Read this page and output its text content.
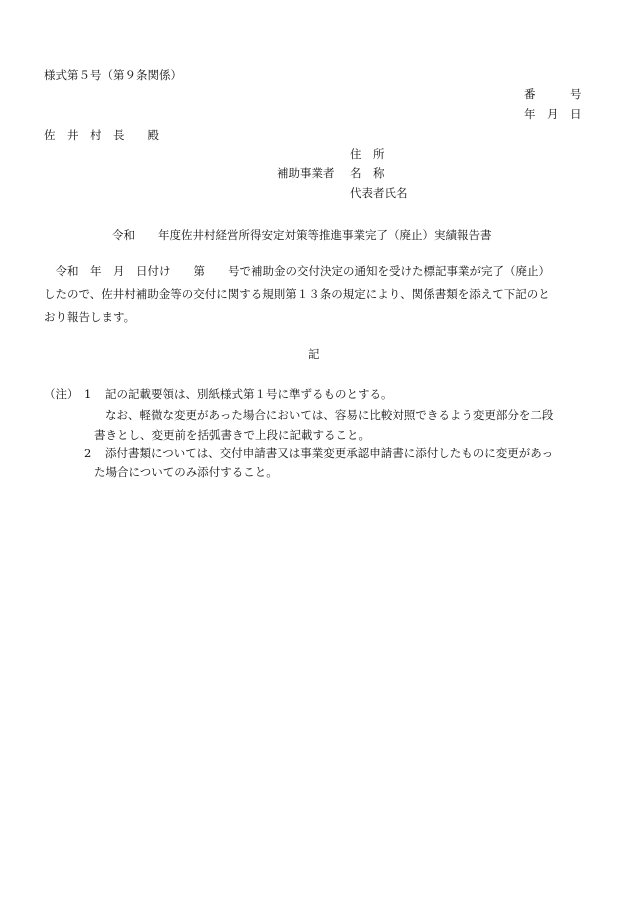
様式第５号（第９条関係）
番　　　号
年　月　日
佐　井　村　長　　殿
住　所
補助事業者 名　称
代表者氏名
令和　　年度佐井村経営所得安定対策等推進事業完了（廃止）実績報告書
　令和　年　月　日付け　　第　　号で補助金の交付決定の通知を受けた標記事業が完了（廃止）
したので、佐井村補助金等の交付に関する規則第１３条の規定により、関係書類を添えて下記のと
おり報告します。
記
（注） 1 記の記載要領は、別紙様式第１号に準ずるものとする。
なお、軽微な変更があった場合においては、容易に比較対照できるよう変更部分を二段
書きとし、変更前を括弧書きで上段に記載すること。
2 添付書類については、交付申請書又は事業変更承認申請書に添付したものに変更があっ
た場合についてのみ添付すること。
